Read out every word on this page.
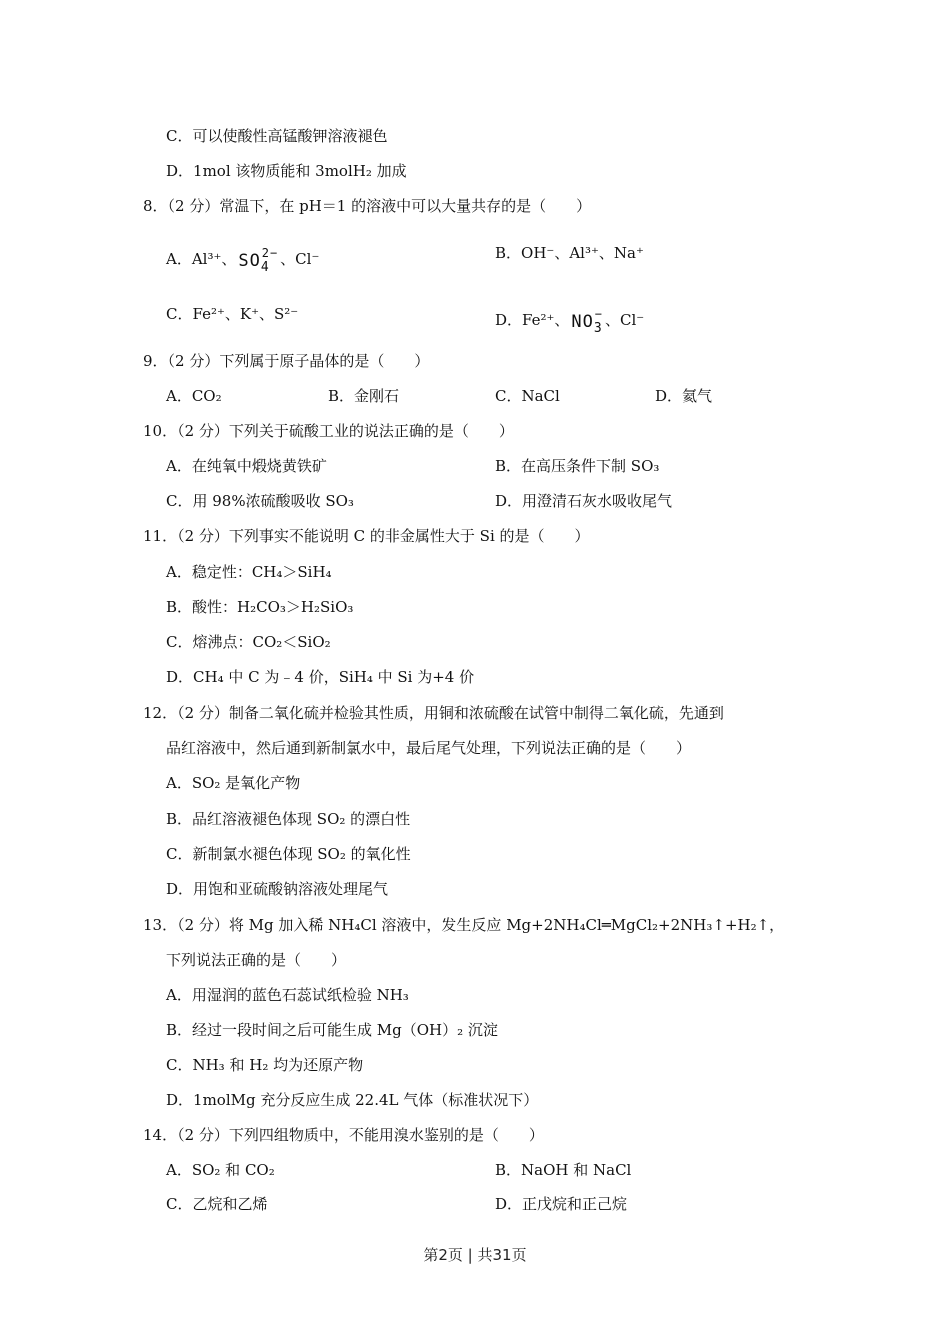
C．可以使酸性高锰酸钾溶液褪色
D．1mol 该物质能和 3molH₂ 加成
8．（2 分）常温下，在 pH＝1 的溶液中可以大量共存的是（　　）
A．Al³⁺、 $SO_4^{2-}$ 、Cl⁻	B．OH⁻、Al³⁺、Na⁺
C．Fe²⁺、K⁺、S²⁻	D．Fe²⁺、 $NO_3^-$ 、Cl⁻
9．（2 分）下列属于原子晶体的是（　　）
A．CO₂	B．金刚石	C．NaCl	D．氦气
10．（2 分）下列关于硫酸工业的说法正确的是（　　）
A．在纯氧中煅烧黄铁矿	B．在高压条件下制 SO₃
C．用 98%浓硫酸吸收 SO₃	D．用澄清石灰水吸收尾气
11．（2 分）下列事实不能说明 C 的非金属性大于 Si 的是（　　）
A．稳定性：CH₄＞SiH₄
B．酸性：H₂CO₃＞H₂SiO₃
C．熔沸点：CO₂＜SiO₂
D．CH₄ 中 C 为﹣4 价，SiH₄ 中 Si 为+4 价
12．（2 分）制备二氧化硫并检验其性质，用铜和浓硫酸在试管中制得二氧化硫，先通到
品红溶液中，然后通到新制氯水中，最后尾气处理，下列说法正确的是（　　）
A．SO₂ 是氧化产物
B．品红溶液褪色体现 SO₂ 的漂白性
C．新制氯水褪色体现 SO₂ 的氧化性
D．用饱和亚硫酸钠溶液处理尾气
13．（2 分）将 Mg 加入稀 NH₄Cl 溶液中，发生反应 Mg+2NH₄Cl═MgCl₂+2NH₃↑+H₂↑，
下列说法正确的是（　　）
A．用湿润的蓝色石蕊试纸检验 NH₃
B．经过一段时间之后可能生成 Mg（OH）₂ 沉淀
C．NH₃ 和 H₂ 均为还原产物
D．1molMg 充分反应生成 22.4L 气体（标准状况下）
14．（2 分）下列四组物质中，不能用溴水鉴别的是（　　）
A．SO₂ 和 CO₂	B．NaOH 和 NaCl
C．乙烷和乙烯	D．正戊烷和正己烷
第2页 | 共31页
